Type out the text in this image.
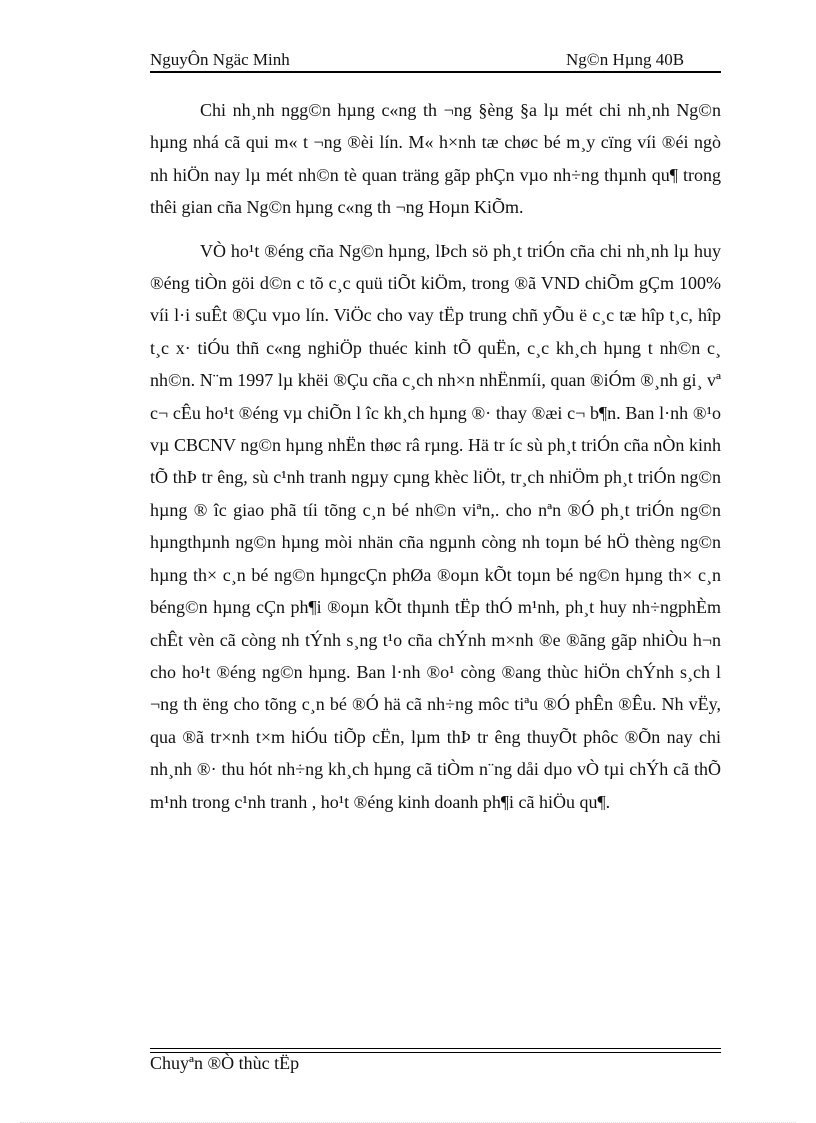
NguyÔn Ngäc Minh	Ng©n Hµng 40B

Chi nh¸nh ngg©n hµng c«ng th ¬ng §èng §a lµ mét chi nh¸nh Ng©n hµng nhá cã qui m« t ¬ng ®èi lín. M« h×nh tæ chøc bé m¸y cïng víi ®éi ngò nh hiÖn nay lµ mét nh©n tè quan träng gãp phÇn vµo nh÷ng thµnh qu¶ trong thêi gian cña Ng©n hµng c«ng th ¬ng Hoµn KiÕm.

VÒ ho¹t ®éng cña Ng©n hµng, lÞch sö ph¸t triÓn cña chi nh¸nh lµ huy ®éng tiÒn göi d©n c tõ c¸c quü tiÕt kiÖm, trong ®ã VND chiÕm gÇm 100% víi l·i suÊt ®Çu vµo lín. ViÖc cho vay tËp trung chñ yÕu ë c¸c tæ hîp t¸c, hîp t¸c x· tiÓu thñ c«ng nghiÖp thuéc kinh tÕ quËn, c¸c kh¸ch hµng t nh©n c¸ nh©n. N¨m 1997 lµ khëi ®Çu cña c¸ch nh×n nhËnmíi, quan ®iÓm ®¸nh gi¸ vª c¬ cÊu ho¹t ®éng vµ chiÕn l îc kh¸ch hµng ®· thay ®æi c¬ b¶n. Ban l·nh ®¹o vµ CBCNV ng©n hµng nhËn thøc râ rµng. Hä tr íc sù ph¸t triÓn cña nÒn kinh tÕ thÞ tr êng, sù c¹nh tranh ngµy cµng khèc liÖt, tr¸ch nhiÖm ph¸t triÓn ng©n hµng ® îc giao phã tíi tõng c¸n bé nh©n viªn,. cho nªn ®Ó ph¸t triÓn ng©n hµngthµnh ng©n hµng mòi nhän cña ngµnh còng nh toµn bé hÖ thèng ng©n hµng th× c¸n bé ng©n hµngcÇn phØa ®oµn kÕt toµn bé ng©n hµng th× c¸n béng©n hµng cÇn ph¶i ®oµn kÕt thµnh tËp thÓ m¹nh, ph¸t huy nh÷ngphÈm chÊt vèn cã còng nh tÝnh s¸ng t¹o cña chÝnh m×nh ®e ®ãng gãp nhiÒu h¬n cho ho¹t ®éng ng©n hµng. Ban l·nh ®o¹ còng ®ang thùc hiÖn chÝnh s¸ch l ¬ng th ëng cho tõng c¸n bé ®Ó hä cã nh÷ng môc tiªu ®Ó phÊn ®Êu. Nh vËy, qua ®ã tr×nh t×m hiÓu tiÕp cËn, lµm thÞ tr êng thuyÕt phôc ®Õn nay chi nh¸nh ®· thu hót nh÷ng kh¸ch hµng cã tiÒm n¨ng dåi dµo vÒ tµi chÝh cã thÕ m¹nh trong c¹nh tranh , ho¹t ®éng kinh doanh ph¶i cã hiÖu qu¶.

Chuyªn ®Ò thùc tËp
